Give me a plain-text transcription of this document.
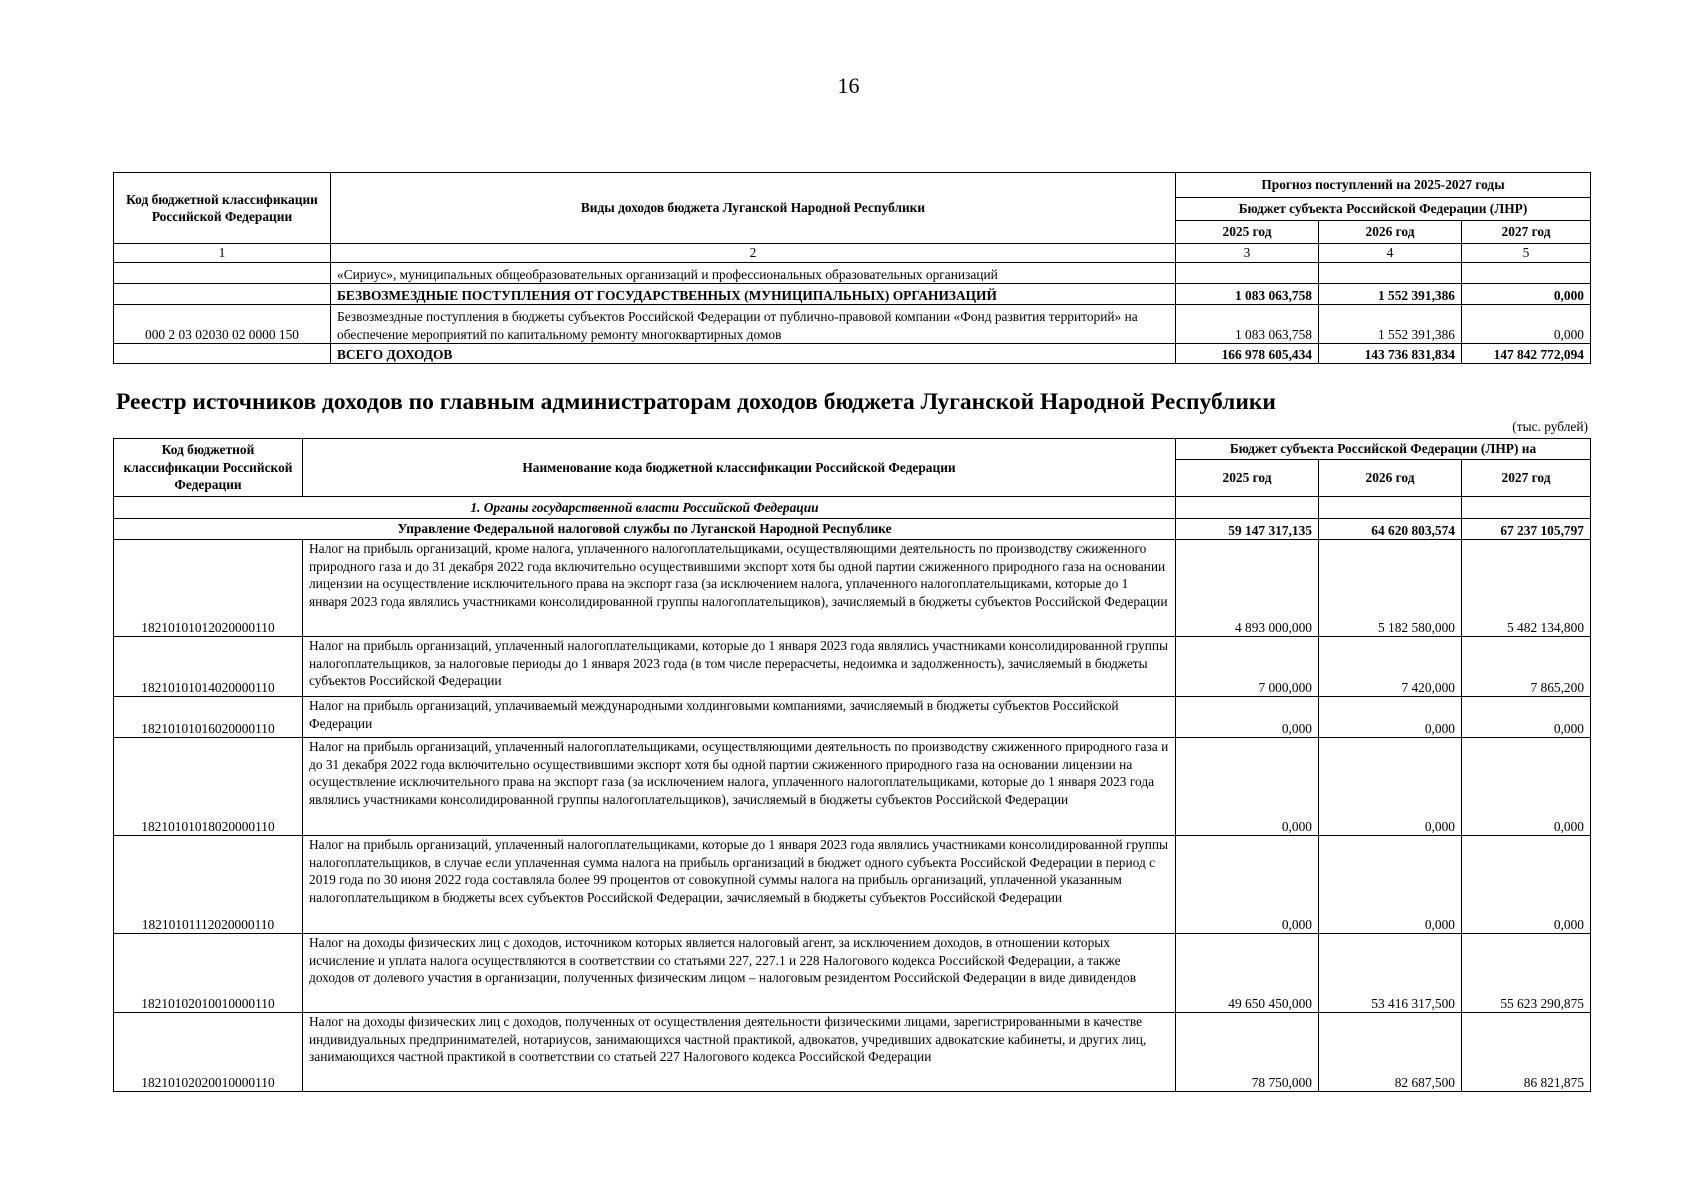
16
Код бюджетной классификации Российской Федерации	Виды доходов бюджета Луганской Народной Республики	Прогноз поступлений на 2025-2027 годы		
		Бюджет субъекта Российской Федерации (ЛНР)		
		2025 год	2026 год	2027 год
1	2	3	4	5
	«Сириус», муниципальных общеобразовательных организаций и профессиональных образовательных организаций			
	БЕЗВОЗМЕЗДНЫЕ ПОСТУПЛЕНИЯ ОТ ГОСУДАРСТВЕННЫХ (МУНИЦИПАЛЬНЫХ) ОРГАНИЗАЦИЙ	1 083 063,758	1 552 391,386	0,000
000 2 03 02030 02 0000 150	Безвозмездные поступления в бюджеты субъектов Российской Федерации от публично-правовой компании «Фонд развития территорий» на обеспечение мероприятий по капитальному ремонту многоквартирных домов	1 083 063,758	1 552 391,386	0,000
	ВСЕГО ДОХОДОВ	166 978 605,434	143 736 831,834	147 842 772,094
Реестр источников доходов по главным администраторам доходов бюджета Луганской Народной Республики
(тыс. рублей)
Код бюджетной классификации Российской Федерации	Наименование кода бюджетной классификации Российской Федерации	Бюджет субъекта Российской Федерации (ЛНР) на		
		2025 год	2026 год	2027 год
1. Органы государственной власти Российской Федерации				
Управление Федеральной налоговой службы по Луганской Народной Республике		59 147 317,135	64 620 803,574	67 237 105,797
18210101012020000110	Налог на прибыль организаций, кроме налога, уплаченного налогоплательщиками, осуществляющими деятельность по производству сжиженного природного газа и до 31 декабря 2022 года включительно осуществившими экспорт хотя бы одной партии сжиженного природного газа на основании лицензии на осуществление исключительного права на экспорт газа (за исключением налога, уплаченного налогоплательщиками, которые до 1 января 2023 года являлись участниками консолидированной группы налогоплательщиков), зачисляемый в бюджеты субъектов Российской Федерации	4 893 000,000	5 182 580,000	5 482 134,800
18210101014020000110	Налог на прибыль организаций, уплаченный налогоплательщиками, которые до 1 января 2023 года являлись участниками консолидированной группы налогоплательщиков, за налоговые периоды до 1 января 2023 года (в том числе перерасчеты, недоимка и задолженность), зачисляемый в бюджеты субъектов Российской Федерации	7 000,000	7 420,000	7 865,200
18210101016020000110	Налог на прибыль организаций, уплачиваемый международными холдинговыми компаниями, зачисляемый в бюджеты субъектов Российской Федерации	0,000	0,000	0,000
18210101018020000110	Налог на прибыль организаций, уплаченный налогоплательщиками, осуществляющими деятельность по производству сжиженного природного газа и до 31 декабря 2022 года включительно осуществившими экспорт хотя бы одной партии сжиженного природного газа на основании лицензии на осуществление исключительного права на экспорт газа (за исключением налога, уплаченного налогоплательщиками, которые до 1 января 2023 года являлись участниками консолидированной группы налогоплательщиков), зачисляемый в бюджеты субъектов Российской Федерации	0,000	0,000	0,000
18210101112020000110	Налог на прибыль организаций, уплаченный налогоплательщиками, которые до 1 января 2023 года являлись участниками консолидированной группы налогоплательщиков, в случае если уплаченная сумма налога на прибыль организаций в бюджет одного субъекта Российской Федерации в период с 2019 года по 30 июня 2022 года составляла более 99 процентов от совокупной суммы налога на прибыль организаций, уплаченной указанным налогоплательщиком в бюджеты всех субъектов Российской Федерации, зачисляемый в бюджеты субъектов Российской Федерации	0,000	0,000	0,000
18210102010010000110	Налог на доходы физических лиц с доходов, источником которых является налоговый агент, за исключением доходов, в отношении которых исчисление и уплата налога осуществляются в соответствии со статьями 227, 227.1 и 228 Налогового кодекса Российской Федерации, а также доходов от долевого участия в организации, полученных физическим лицом – налоговым резидентом Российской Федерации в виде дивидендов	49 650 450,000	53 416 317,500	55 623 290,875
18210102020010000110	Налог на доходы физических лиц с доходов, полученных от осуществления деятельности физическими лицами, зарегистрированными в качестве индивидуальных предпринимателей, нотариусов, занимающихся частной практикой, адвокатов, учредивших адвокатские кабинеты, и других лиц, занимающихся частной практикой в соответствии со статьей 227 Налогового кодекса Российской Федерации	78 750,000	82 687,500	86 821,875
